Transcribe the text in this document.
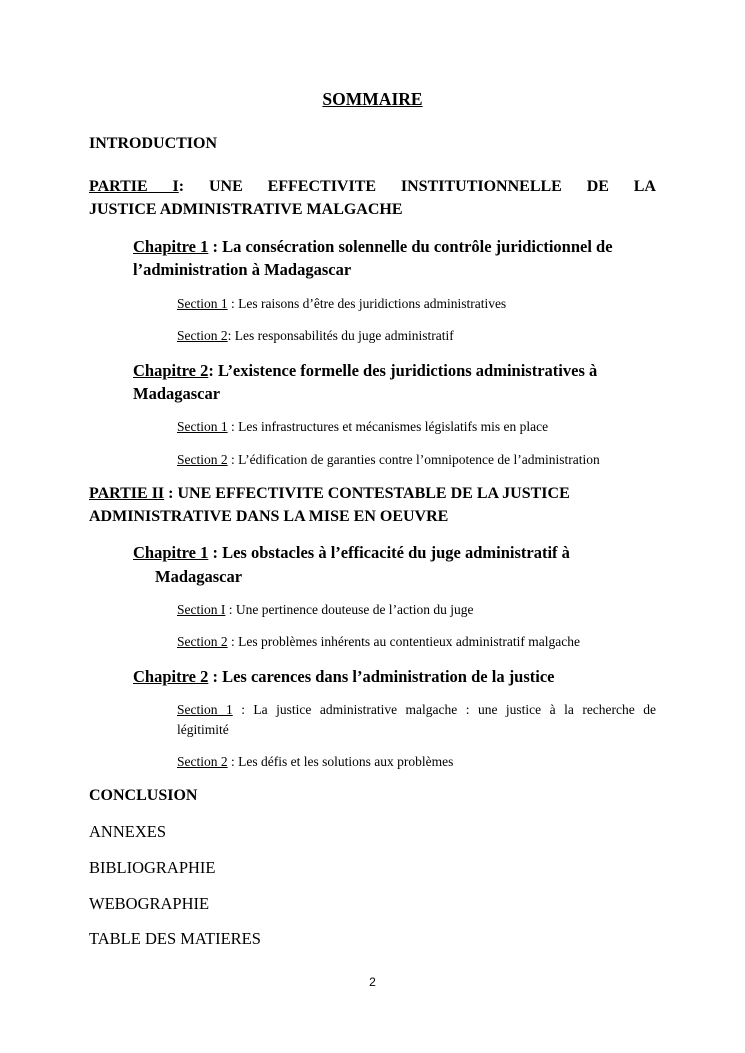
SOMMAIRE
INTRODUCTION
PARTIE I: UNE EFFECTIVITE INSTITUTIONNELLE DE LA
JUSTICE ADMINISTRATIVE MALGACHE
Chapitre 1 : La consécration solennelle du contrôle juridictionnel de
l’administration à Madagascar
Section 1 : Les raisons d’être des juridictions administratives
Section 2: Les responsabilités du juge administratif
Chapitre 2: L’existence formelle des juridictions administratives à
Madagascar
Section 1 : Les infrastructures et mécanismes législatifs mis en place
Section 2 : L’édification de garanties contre l’omnipotence de l’administration
PARTIE II : UNE EFFECTIVITE CONTESTABLE DE LA JUSTICE
ADMINISTRATIVE DANS LA MISE EN OEUVRE
Chapitre 1 : Les obstacles à l’efficacité du juge administratif à
Madagascar
Section I : Une pertinence douteuse de l’action du juge
Section 2 : Les problèmes inhérents au contentieux administratif malgache
Chapitre 2 : Les carences dans l’administration de la justice
Section 1 : La justice administrative malgache : une justice à la recherche de
légitimité
Section 2 : Les défis et les solutions aux problèmes
CONCLUSION
ANNEXES
BIBLIOGRAPHIE
WEBOGRAPHIE
TABLE DES MATIERES
2
